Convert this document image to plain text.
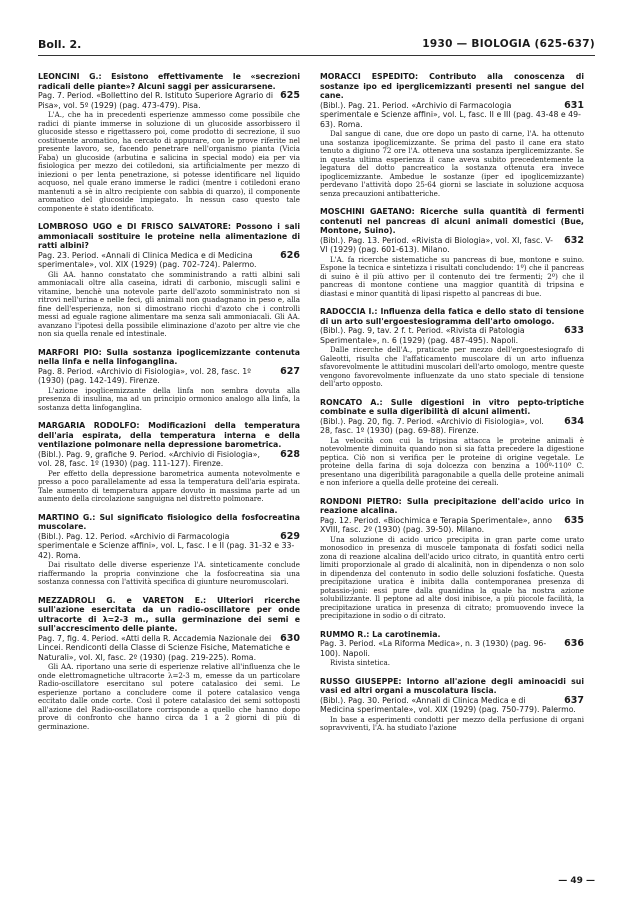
Boll. 2.	1930 — BIOLOGIA (625-637)
LEONCINI G.: Esistono effettivamente le «secrezioni radicali delle piante»? Alcuni saggi per assicurarsene.
625
Pag. 7. Period. «Bollettino del R. Istituto Superiore Agrario di Pisa», vol. 5º (1929) (pag. 473-479). Pisa.

L'A., che ha in precedenti esperienze ammesso come possibile che radici di piante immerse in soluzione di un glucoside assorbissero il glucoside stesso e rigettassero poi, come prodotto di secrezione, il suo costituente aromatico, ha cercato di appurare, con le prove riferite nel presente lavoro, se, facendo penetrare nell'organismo pianta (Vicia Faba) un glucoside (arbutina e salicina in special modo) eia per via fisiologica per mezzo dei cotiledoni, sia artificialmente per mezzo di iniezioni o per lenta penetrazione, si potesse identificare nel liquido acquoso, nel quale erano immerse le radici (mentre i cotiledoni erano mantenuti a sè in altro recipiente con sabbia di quarzo), il componente aromatico del glucoside impiegato. In nessun caso questo tale componente è stato identificato.

LOMBROSO UGO e DI FRISCO SALVATORE: Possono i sali ammoniacali sostituire le proteine nella alimentazione di ratti albini?
626
Pag. 23. Period. «Annali di Clinica Medica e di Medicina sperimentale», vol. XIX (1929) (pag. 702-724). Palermo.

Gli AA. hanno constatato che somministrando a ratti albini sali ammoniacali oltre alla caseina, idrati di carbonio, miscugli salini e vitamine, benchè una notevole parte dell'azoto somministrato non si ritrovi nell'urina e nelle feci, gli animali non guadagnano in peso e, alla fine dell'esperienza, non si dimostrano ricchi d'azoto che i controlli messi ad eguale ragione alimentare ma senza sali ammoniacali. Gli AA. avanzano l'ipotesi della possibile eliminazione d'azoto per altre vie che non sia quella renale ed intestinale.

MARFORI PIO: Sulla sostanza ipoglicemizzante contenuta nella linfa e nella linfoganglina.
627
Pag. 8. Period. «Archivio di Fisiologia», vol. 28, fasc. 1º (1930) (pag. 142-149). Firenze.

L'azione ipoglicemizzante della linfa non sembra dovuta alla presenza di insulina, ma ad un principio ormonico analogo alla linfa, la sostanza detta linfoganglina.

MARGARIA RODOLFO: Modificazioni della temperatura dell'aria espirata, della temperatura interna e della ventilazione polmonare nella depressione barometrica.
628
(Bibl.). Pag. 9, grafiche 9. Period. «Archivio di Fisiologia», vol. 28, fasc. 1º (1930) (pag. 111-127). Firenze.

Per effetto della depressione barometrica aumenta notevolmente e presso a poco parallelamente ad essa la temperatura dell'aria espirata. Tale aumento di temperatura appare dovuto in massima parte ad un aumento della circolazione sanguigna nel distretto polmonare.

MARTINO G.: Sul significato fisiologico della fosfocreatina muscolare.
629
(Bibl.). Pag. 12. Period. «Archivio di Farmacologia sperimentale e Scienze affini», vol. L, fasc. I e II (pag. 31-32 e 33-42). Roma.

Dai risultato delle diverse esperienze l'A. sinteticamente conclude riaffermando la propria convinzione che la fosfocreatina sia una sostanza connessa con l'attività specifica di giunture neuromuscolari.

MEZZADROLI G. e VARETON E.: Ulteriori ricerche sull'azione esercitata da un radio-oscillatore per onde ultracorte di λ=2-3 m., sulla germinazione dei semi e sull'accrescimento delle piante.
630
Pag. 7, fig. 4. Period. «Atti della R. Accademia Nazionale dei Lincei. Rendiconti della Classe di Scienze Fisiche, Matematiche e Naturali», vol. XI, fasc. 2º (1930) (pag. 219-225). Roma.

Gli AA. riportano una serie di esperienze relative all'influenza che le onde elettromagnetiche ultracorte λ=2-3 m, emesse da un particolare Radio-oscillatore esercitano sul potere catalasico dei semi. Le esperienze portano a concludere come il potere catalasico venga eccitato dalle onde corte. Così il potere catalasico dei semi sottoposti all'azione del Radio-oscillatore corrisponde a quello che hanno dopo prove di confronto che hanno circa da 1 a 2 giorni di più di germinazione.

MORACCI ESPEDITO: Contributo alla conoscenza di sostanze ipo ed iperglicemizzanti presenti nel sangue del cane.
631
(Bibl.). Pag. 21. Period. «Archivio di Farmacologia sperimentale e Scienze affini», vol. L, fasc. II e III (pag. 43-48 e 49-63). Roma.

Dal sangue di cane, due ore dopo un pasto di carne, l'A. ha ottenuto una sostanza ipoglicemizzante. Se prima del pasto il cane era stato tenuto a digiuno 72 ore l'A. otteneva una sostanza iperglicemizzante. Se in questa ultima esperienza il cane aveva subito precedentemente la legatura del dotto pancreatico la sostanza ottenuta era invece ipoglicemizzante. Ambedue le sostanze (iper ed ipoglicemizzante) perdevano l'attività dopo 25-64 giorni se lasciate in soluzione acquosa senza precauzioni antibatteriche.

MOSCHINI GAETANO: Ricerche sulla quantità di fermenti contenuti nel pancreas di alcuni animali domestici (Bue, Montone, Suino).
632
(Bibl.). Pag. 13. Period. «Rivista di Biologia», vol. XI, fasc. V-VI (1929) (pag. 601-613). Milano.

L'A. fa ricerche sistematiche su pancreas di bue, montone e suino. Espone la tecnica e sintetizza i risultati concludendo: 1º) che il pancreas di suino è il più attivo per il contenuto dei tre fermenti; 2º) che il pancreas di montone contiene una maggior quantità di tripsina e diastasi e minor quantità di lipasi rispetto al pancreas di bue.

RADOCCIA I.: Influenza della fatica e dello stato di tensione di un arto sull'ergoestesiogramma dell'arto omologo.
633
(Bibl.). Pag. 9, tav. 2 f. t. Period. «Rivista di Patologia Sperimentale», n. 6 (1929) (pag. 487-495). Napoli.

Dalle ricerche dell'A., praticate per mezzo dell'ergoestesiografo di Galeotti, risulta che l'affaticamento muscolare di un arto influenza sfavorevolmente le attitudini muscolari dell'arto omologo, mentre queste vengono favorevolmente influenzate da uno stato speciale di tensione dell'arto opposto.

RONCATO A.: Sulle digestioni in vitro pepto-triptiche combinate e sulla digeribilità di alcuni alimenti.
634
(Bibl.). Pag. 20, fig. 7. Period. «Archivio di Fisiologia», vol. 28, fasc. 1º (1930) (pag. 69-88). Firenze.

La velocità con cui la tripsina attacca le proteine animali è notevolmente diminuita quando non si sia fatta precedere la digestione peptica. Ciò non si verifica per le proteine di origine vegetale. Le proteine della farina di soja dolcezza con benzina a 100º-110º C. presentano una digeribilità paragonabile a quella delle proteine animali e non inferiore a quella delle proteine dei cereali.

RONDONI PIETRO: Sulla precipitazione dell'acido urico in reazione alcalina.
635
Pag. 12. Period. «Biochimica e Terapia Sperimentale», anno XVIII, fasc. 2º (1930) (pag. 39-50). Milano.

Una soluzione di acido urico precipita in gran parte come urato monosodico in presenza di muscele tamponata di fosfati sodici nella zona di reazione alcalina dell'acido urico citrato, in quantità entro certi limiti proporzionale al grado di alcalinità, non in dipendenza o non solo in dipendenza del contenuto in sodio delle soluzioni fosfatiche. Questa precipitazione uratica è inibita dalla contemporanea presenza di potassio-joni: essi pure dalla guanidina la quale ha nostra azione solubilizzante. Il peptone ad alte dosi inibisce, a più piccole facilità, la precipitazione uratica in presenza di citrato; promuovendo invece la precipitazione in sodio o di citrato.

RUMMO R.: La carotinemia.
636
Pag. 3. Period. «La Riforma Medica», n. 3 (1930) (pag. 96-100). Napoli.

Rivista sintetica.

RUSSO GIUSEPPE: Intorno all'azione degli aminoacidi sui vasi ed altri organi a muscolatura liscia.
637
(Bibl.). Pag. 30. Period. «Annali di Clinica Medica e di Medicina sperimentale», vol. XIX (1929) (pag. 750-779). Palermo.

In base a esperimenti condotti per mezzo della perfusione di organi sopravviventi, l'A. ha studiato l'azione

— 49 —
